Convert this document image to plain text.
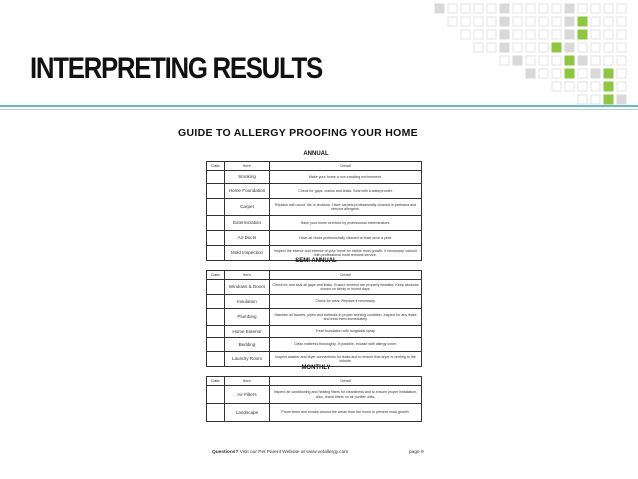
INTERPRETING RESULTS
GUIDE TO ALLERGY PROOFING YOUR HOME
ANNUAL
Date	Item	Detail
	Smoking	Make your home a non-smoking environment.
	Home Foundation	Check for gaps, cracks and leaks. Seal with a waterproofer.
	Carpet	Replace with wood, tile or linoleum. Have carpets professionally cleaned in part/area and remove allergens.
	Extermination	Have your home serviced by professional exterminators.
	Air Ducts	Have air ducts professionally cleaned at least once a year.
	Mold Inspection	Inspect the interior and exterior of your home for visible mold growth. If necessary, consult with professional mold removal service.
SEMI ANNUAL
Date	Item	Detail
	Windows & Doors	Check for and seal all gaps and leaks. Ensure screens are properly installed. Keep windows closed on windy or humid days.
	Insulation	Check for wear. Replace if necessary.
	Plumbing	Maintain all faucets, pipes and bathtubs in proper working condition. Inspect for any leaks and treat them immediately.
	Home Exterior	Treat foundation with fungicidal spray.
	Bedding	Clean mattress thoroughly. If possible, encase with allergy cover.
	Laundry Room	Inspect washer and dryer connections for leaks and to ensure that dryer is venting to the outside.
MONTHLY
Date	Item	Detail
	Air Filters	Inspect air conditioning and heating filters for cleanliness and to ensure proper installation. Also, check filters on air purifier units.
	Landscape	Prune trees and shrubs around the areas from the home to prevent mold growth.
Questions? Visit our Pet Parent Website at www.vetallergy.com	page 9
